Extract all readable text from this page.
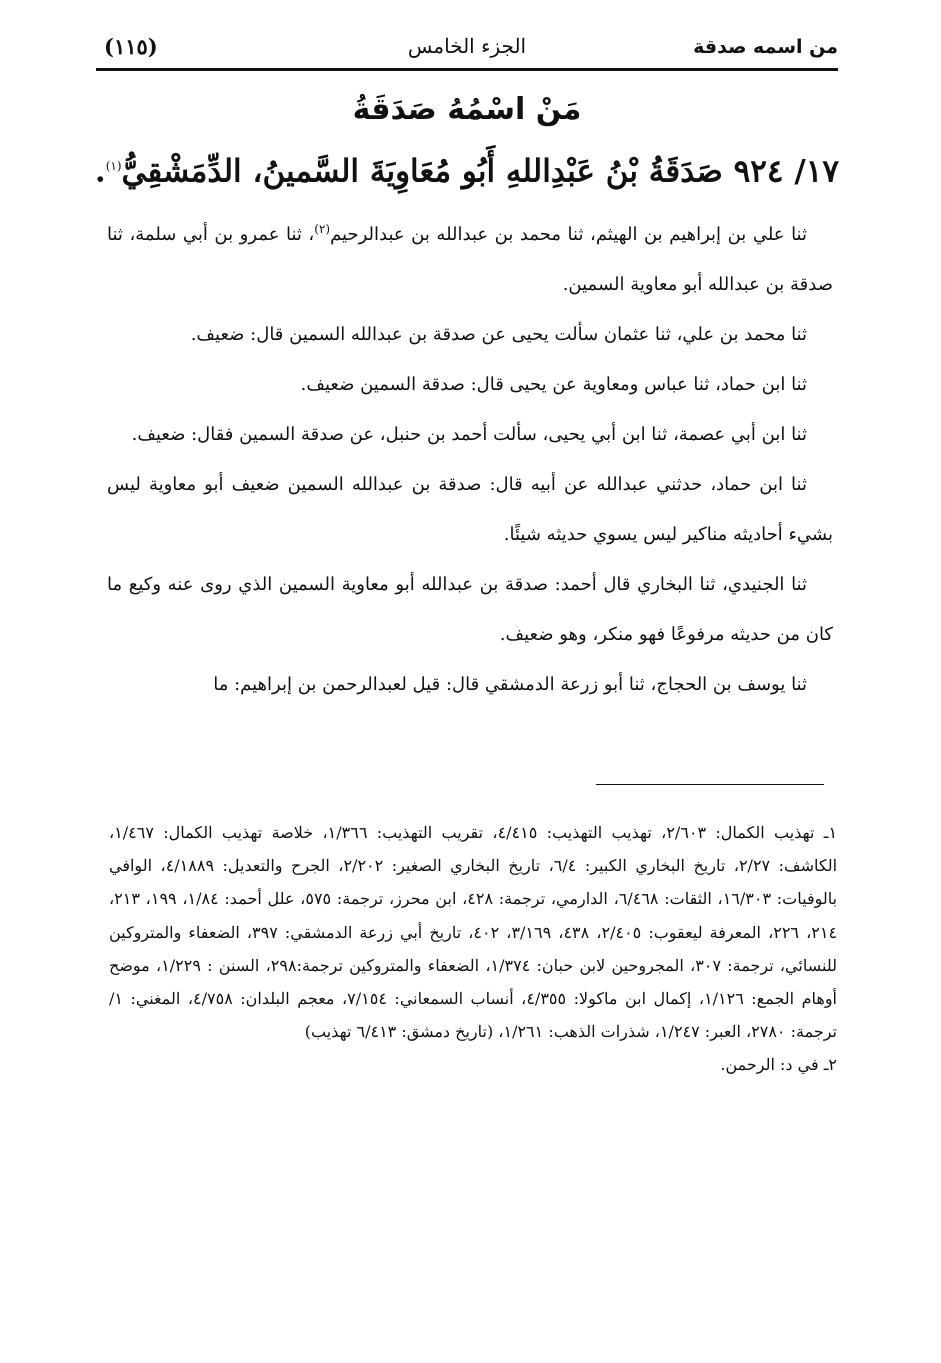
من اسمه صدقة
الجزء الخامس
(١١٥)
مَنْ اسْمُهُ صَدَقَةُ
١٧/ ٩٢٤ صَدَقَةُ بْنُ عَبْدِاللهِ أَبُو مُعَاوِيَةَ السَّمينُ، الدِّمَشْقِيُّ$^{(١)}$.

ثنا علي بن إبراهيم بن الهيثم، ثنا محمد بن عبدالله بن عبدالرحيم$^{(٢)}$، ثنا عمرو بن أبي سلمة، ثنا صدقة بن عبدالله أبو معاوية السمين.

ثنا محمد بن علي، ثنا عثمان سألت يحيى عن صدقة بن عبدالله السمين قال: ضعيف.

ثنا ابن حماد، ثنا عباس ومعاوية عن يحيى قال: صدقة السمين ضعيف.

ثنا ابن أبي عصمة، ثنا ابن أبي يحيى، سألت أحمد بن حنبل، عن صدقة السمين فقال: ضعيف.

ثنا ابن حماد، حدثني عبدالله عن أبيه قال: صدقة بن عبدالله السمين ضعيف أبو معاوية ليس بشيء أحاديثه مناكير ليس يسوي حديثه شيئًا.

ثنا الجنيدي، ثنا البخاري قال أحمد: صدقة بن عبدالله أبو معاوية السمين الذي روى عنه وكيع ما كان من حديثه مرفوعًا فهو منكر، وهو ضعيف.

ثنا يوسف بن الحجاج، ثنا أبو زرعة الدمشقي قال: قيل لعبدالرحمن بن إبراهيم: ما

١ـ تهذيب الكمال: ٢/٦٠٣، تهذيب التهذيب: ٤/٤١٥، تقريب التهذيب: ١/٣٦٦، خلاصة تهذيب الكمال: ١/٤٦٧، الكاشف: ٢/٢٧، تاريخ البخاري الكبير: ٦/٤، تاريخ البخاري الصغير: ٢/٢٠٢، الجرح والتعديل: ٤/١٨٨٩، الوافي بالوفيات: ١٦/٣٠٣، الثقات: ٦/٤٦٨، الدارمي، ترجمة: ٤٢٨، ابن محرز، ترجمة: ٥٧٥، علل أحمد: ١/٨٤، ١٩٩، ٢١٣، ٢١٤، ٢٢٦، المعرفة ليعقوب: ٢/٤٠٥، ٤٣٨، ٣/١٦٩، ٤٠٢، تاريخ أبي زرعة الدمشقي: ٣٩٧، الضعفاء والمتروكين للنسائي، ترجمة: ٣٠٧، المجروحين لابن حبان: ١/٣٧٤، الضعفاء والمتروكين ترجمة:٢٩٨، السنن : ١/٢٢٩، موضح أوهام الجمع: ١/١٢٦، إكمال ابن ماكولا: ٤/٣٥٥، أنساب السمعاني: ٧/١٥٤، معجم البلدان: ٤/٧٥٨، المغني: ١/ترجمة: ٢٧٨٠، العبر: ١/٢٤٧، شذرات الذهب: ١/٢٦١، (تاريخ دمشق: ٦/٤١٣ تهذيب)

٢ـ في د: الرحمن.
